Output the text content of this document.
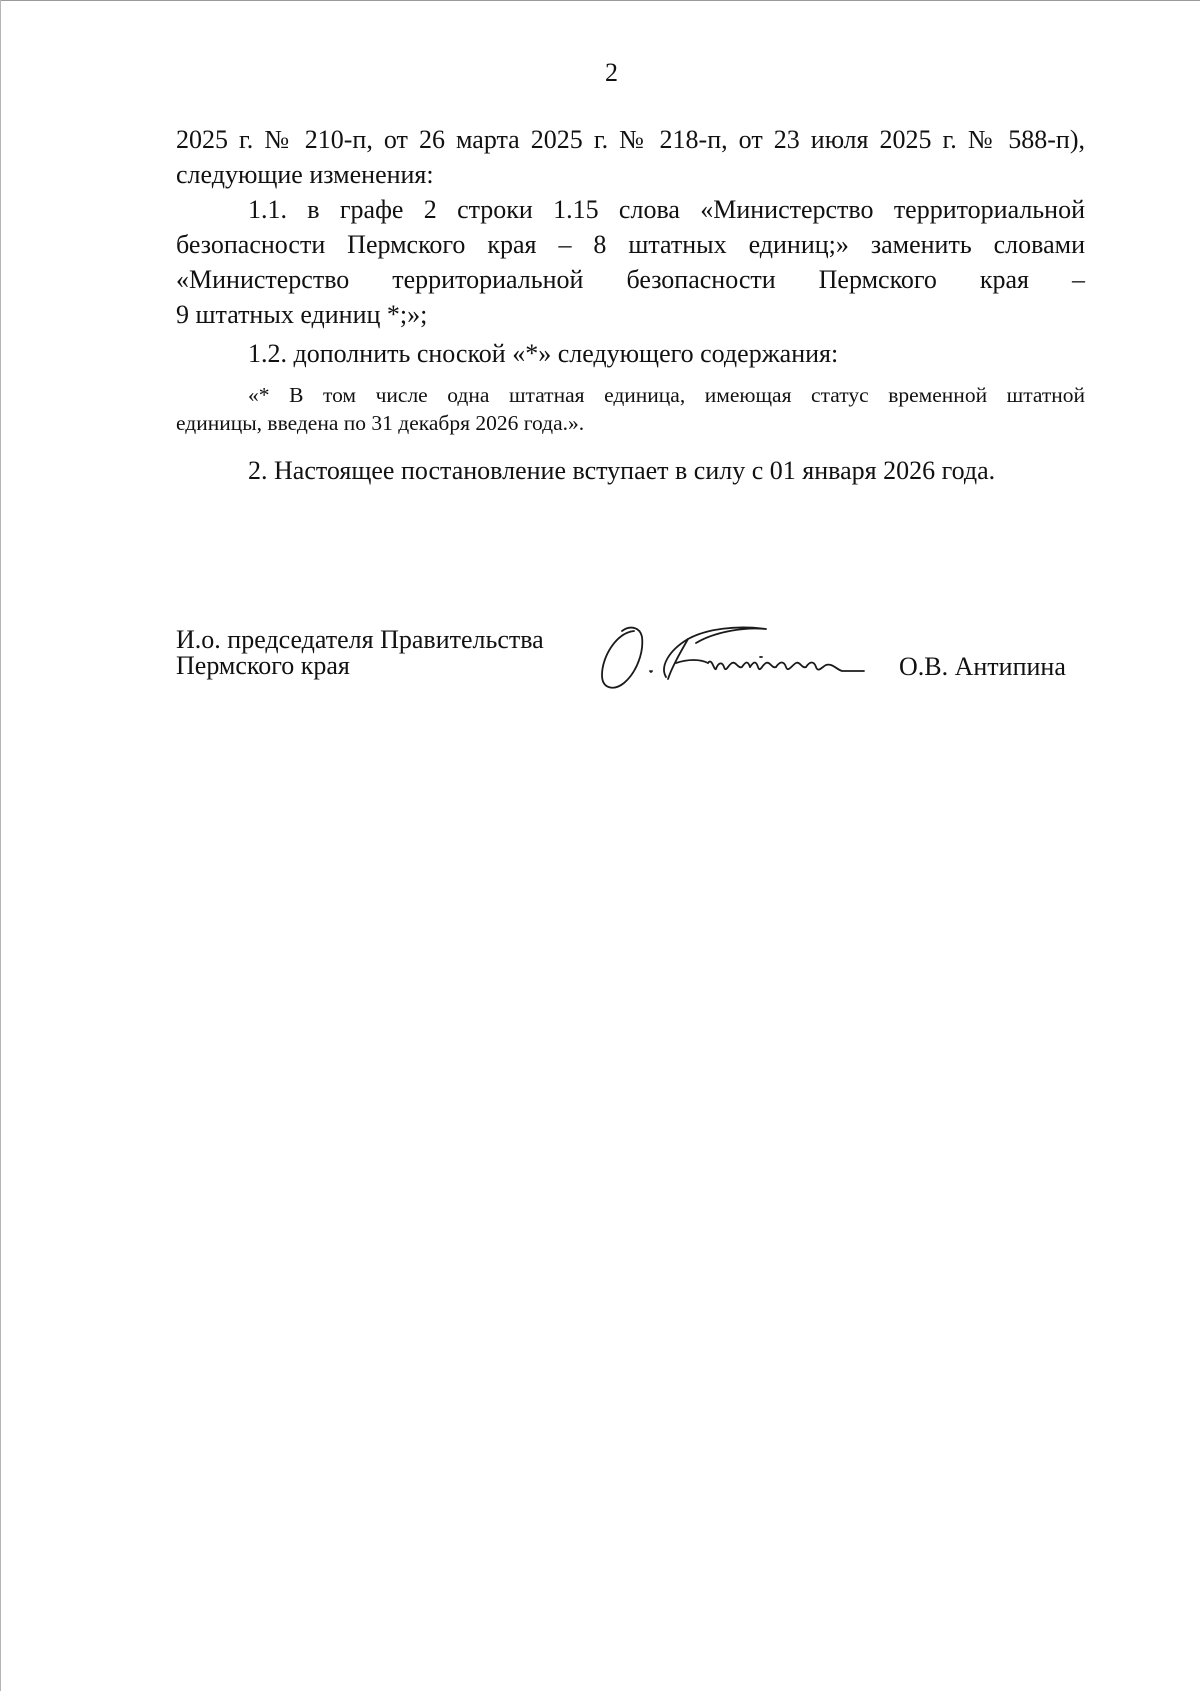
2
2025 г. № 210-п, от 26 марта 2025 г. № 218-п, от 23 июля 2025 г. № 588-п),
следующие изменения:
1.1. в графе 2 строки 1.15 слова «Министерство территориальной
безопасности Пермского края – 8 штатных единиц;» заменить словами
«Министерство территориальной безопасности Пермского края –
9 штатных единиц *;»;
1.2. дополнить сноской «*» следующего содержания:
«* В том числе одна штатная единица, имеющая статус временной штатной
единицы, введена по 31 декабря 2026 года.».
2. Настоящее постановление вступает в силу с 01 января 2026 года.
И.о. председателя Правительства
Пермского края	О.В. Антипина
